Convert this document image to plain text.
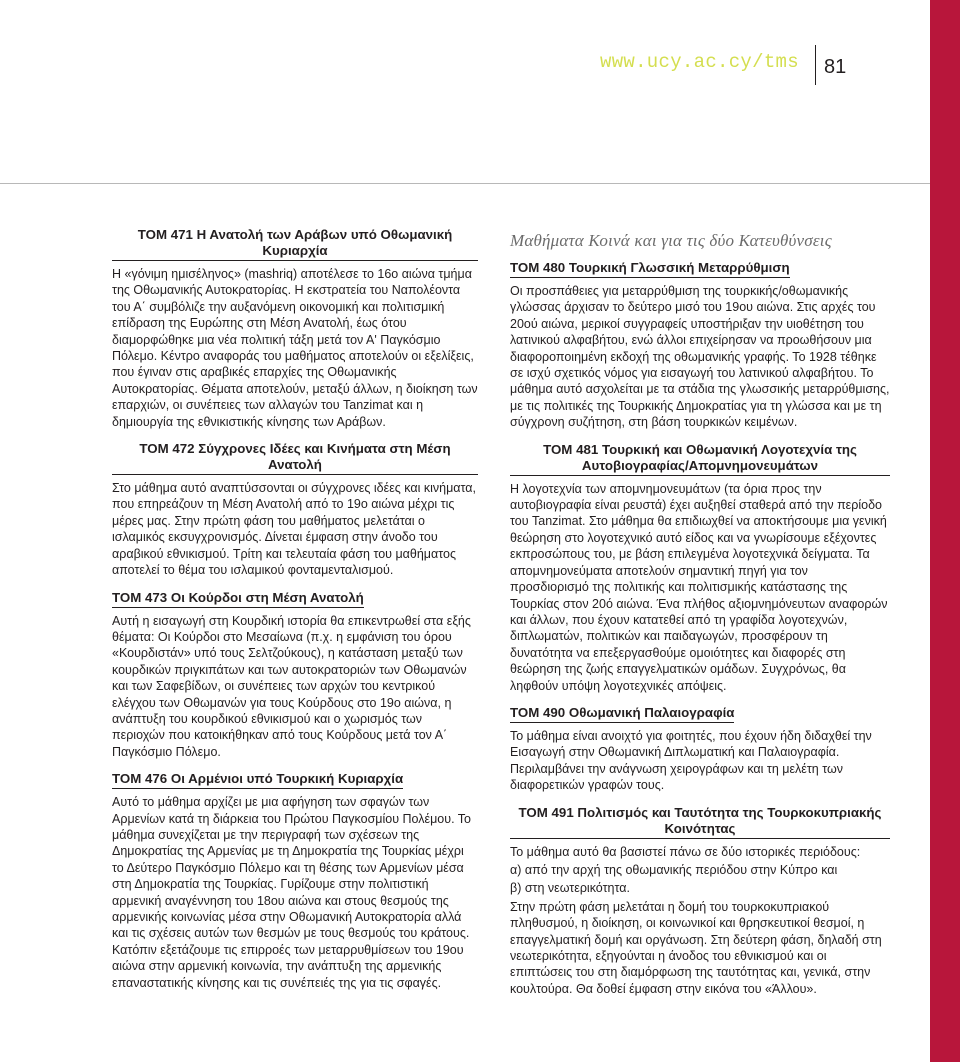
www.ucy.ac.cy/tms 81

ΤΟΜ 471 Η Ανατολή των Αράβων υπό Οθωμανική Κυριαρχία

Η «γόνιμη ημισέληνος» (mashriq) αποτέλεσε το 16ο αιώνα τμήμα της Οθωμανικής Αυτοκρατορίας. Η εκστρατεία του Ναπολέοντα του Α΄ συμβόλιζε την αυξανόμενη οικονομική και πολιτισμική επίδραση της Ευρώπης στη Μέση Ανατολή, έως ότου διαμορφώθηκε μια νέα πολιτική τάξη μετά τον Α' Παγκόσμιο Πόλεμο. Κέντρο αναφοράς του μαθήματος αποτελούν οι εξελίξεις, που έγιναν στις αραβικές επαρχίες της Οθωμανικής Αυτοκρατορίας. Θέματα αποτελούν, μεταξύ άλλων, η διοίκηση των επαρχιών, οι συνέπειες των αλλαγών του Tanzimat και η δημιουργία της εθνικιστικής κίνησης των Αράβων.

ΤΟΜ 472 Σύγχρονες Ιδέες και Κινήματα στη Μέση Ανατολή

Στο μάθημα αυτό αναπτύσσονται οι σύγχρονες ιδέες και κινήματα, που επηρεάζουν τη Μέση Ανατολή από το 19ο αιώνα μέχρι τις μέρες μας. Στην πρώτη φάση του μαθήματος μελετάται ο ισλαμικός εκσυγχρονισμός. Δίνεται έμφαση στην άνοδο του αραβικού εθνικισμού. Τρίτη και τελευταία φάση του μαθήματος αποτελεί το θέμα του ισλαμικού φονταμενταλισμού.

ΤΟΜ 473 Οι Κούρδοι στη Μέση Ανατολή

Αυτή η εισαγωγή στη Κουρδική ιστορία θα επικεντρωθεί στα εξής θέματα: Οι Κούρδοι στο Μεσαίωνα (π.χ. η εμφάνιση του όρου «Κουρδιστάν» υπό τους Σελτζούκους), η κατάσταση μεταξύ των κουρδικών πριγκιπάτων και των αυτοκρατοριών των Οθωμανών και των Σαφεβίδων, οι συνέπειες των αρχών του κεντρικού ελέγχου των Οθωμανών για τους Κούρδους στο 19ο αιώνα, η ανάπτυξη του κουρδικού εθνικισμού και ο χωρισμός των περιοχών που κατοικήθηκαν από τους Κούρδους μετά τον Α΄ Παγκόσμιο Πόλεμο.

ΤΟΜ 476 Οι Αρμένιοι υπό Τουρκική Κυριαρχία

Αυτό το μάθημα αρχίζει με μια αφήγηση των σφαγών των Αρμενίων κατά τη διάρκεια του Πρώτου Παγκοσμίου Πολέμου. Το μάθημα συνεχίζεται με την περιγραφή των σχέσεων της Δημοκρατίας της Αρμενίας με τη Δημοκρατία της Τουρκίας μέχρι το Δεύτερο Παγκόσμιο Πόλεμο και τη θέσης των Αρμενίων μέσα στη Δημοκρατία της Τουρκίας. Γυρίζουμε στην πολιτιστική αρμενική αναγέννηση του 18ου αιώνα και στους θεσμούς της αρμενικής κοινωνίας μέσα στην Οθωμανική Αυτοκρατορία αλλά και τις σχέσεις αυτών των θεσμών με τους θεσμούς του κράτους. Κατόπιν εξετάζουμε τις επιρροές των μεταρρυθμίσεων του 19ου αιώνα στην αρμενική κοινωνία, την ανάπτυξη της αρμενικής επαναστατικής κίνησης και τις συνέπειές της για τις σφαγές.

Μαθήματα Κοινά και για τις δύο Κατευθύνσεις

ΤΟΜ 480 Τουρκική Γλωσσική Μεταρρύθμιση

Οι προσπάθειες για μεταρρύθμιση της τουρκικής/οθωμανικής γλώσσας άρχισαν το δεύτερο μισό του 19ου αιώνα. Στις αρχές του 20ού αιώνα, μερικοί συγγραφείς υποστήριξαν την υιοθέτηση του λατινικού αλφαβήτου, ενώ άλλοι επιχείρησαν να προωθήσουν μια διαφοροποιημένη εκδοχή της οθωμανικής γραφής. Το 1928 τέθηκε σε ισχύ σχετικός νόμος για εισαγωγή του λατινικού αλφαβήτου. Το μάθημα αυτό ασχολείται με τα στάδια της γλωσσικής μεταρρύθμισης, με τις πολιτικές της Τουρκικής Δημοκρατίας για τη γλώσσα και με τη σύγχρονη συζήτηση, στη βάση τουρκικών κειμένων.

ΤΟΜ 481 Τουρκική και Οθωμανική Λογοτεχνία της Αυτοβιογραφίας/Απομνημονευμάτων

Η λογοτεχνία των απομνημονευμάτων (τα όρια προς την αυτοβιογραφία είναι ρευστά) έχει αυξηθεί σταθερά από την περίοδο του Tanzimat. Στο μάθημα θα επιδιωχθεί να αποκτήσουμε μια γενική θεώρηση στο λογοτεχνικό αυτό είδος και να γνωρίσουμε εξέχοντες εκπροσώπους του, με βάση επιλεγμένα λογοτεχνικά δείγματα. Τα απομνημονεύματα αποτελούν σημαντική πηγή για τον προσδιορισμό της πολιτικής και πολιτισμικής κατάστασης της Τουρκίας στον 20ό αιώνα. Ένα πλήθος αξιομνημόνευτων αναφορών και άλλων, που έχουν κατατεθεί από τη γραφίδα λογοτεχνών, διπλωματών, πολιτικών και παιδαγωγών, προσφέρουν τη δυνατότητα να επεξεργασθούμε ομοιότητες και διαφορές στη θεώρηση της ζωής επαγγελματικών ομάδων. Συγχρόνως, θα ληφθούν υπόψη λογοτεχνικές απόψεις.

ΤΟΜ 490 Οθωμανική Παλαιογραφία

Το μάθημα είναι ανοιχτό για φοιτητές, που έχουν ήδη διδαχθεί την Εισαγωγή στην Οθωμανική Διπλωματική και Παλαιογραφία. Περιλαμβάνει την ανάγνωση χειρογράφων και τη μελέτη των διαφορετικών γραφών τους.

ΤΟΜ 491 Πολιτισμός και Ταυτότητα της Τουρκοκυπριακής Κοινότητας

Το μάθημα αυτό θα βασιστεί πάνω σε δύο ιστορικές περιόδους:

α) από την αρχή της οθωμανικής περιόδου στην Κύπρο και

β) στη νεωτερικότητα.

Στην πρώτη φάση μελετάται η δομή του τουρκοκυπριακού πληθυσμού, η διοίκηση, οι κοινωνικοί και θρησκευτικοί θεσμοί, η επαγγελματική δομή και οργάνωση. Στη δεύτερη φάση, δηλαδή στη νεωτερικότητα, εξηγούνται η άνοδος του εθνικισμού και οι επιπτώσεις του στη διαμόρφωση της ταυτότητας και, γενικά, στην κουλτούρα. Θα δοθεί έμφαση στην εικόνα του «Άλλου».
